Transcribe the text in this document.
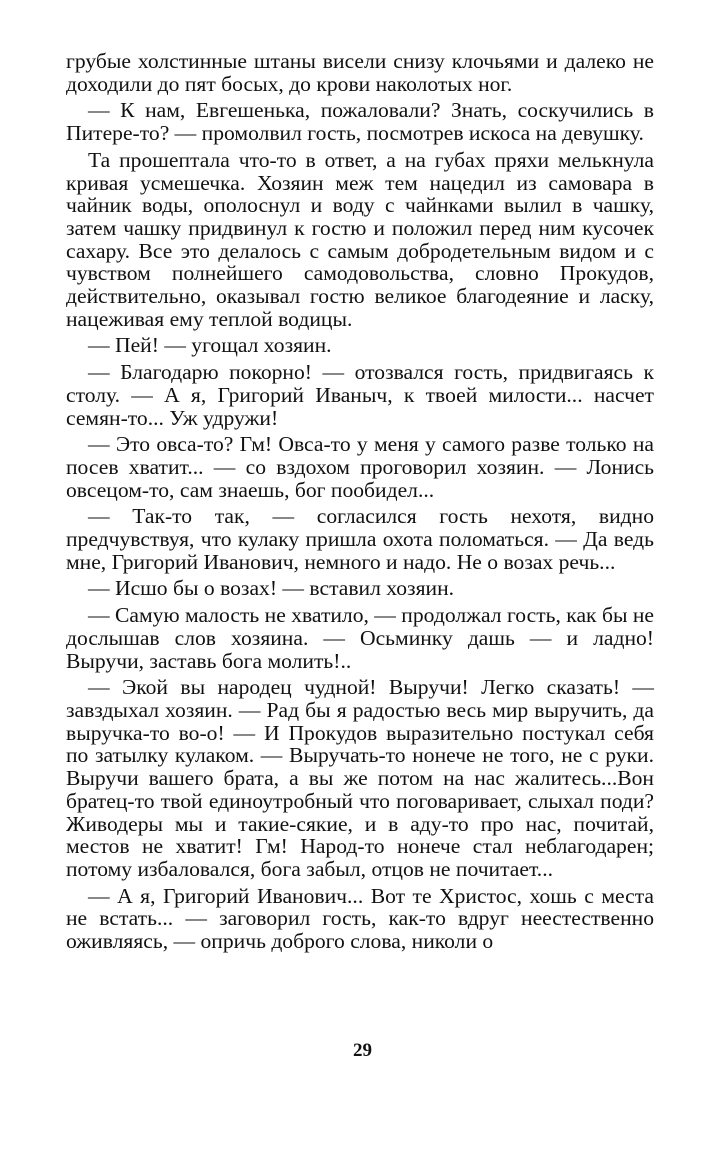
грубые холстинные штаны висели снизу клочьями и далеко не доходили до пят босых, до крови наколотых ног.

— К нам, Евгешенька, пожаловали? Знать, соскучились в Питере-то? — промолвил гость, посмотрев искоса на девушку.

Та прошептала что-то в ответ, а на губах пряхи мелькнула кривая усмешечка. Хозяин меж тем нацедил из самовара в чайник воды, ополоснул и воду с чайнками вылил в чашку, затем чашку придвинул к гостю и положил перед ним кусочек сахару. Все это делалось с самым добродетельным видом и с чувством полнейшего самодовольства, словно Прокудов, действительно, оказывал гостю великое благодеяние и ласку, нацеживая ему теплой водицы.

— Пей! — угощал хозяин.

— Благодарю покорно! — отозвался гость, придвигаясь к столу. — А я, Григорий Иваныч, к твоей милости... насчет семян-то... Уж удружи!

— Это овса-то? Гм! Овса-то у меня у самого разве только на посев хватит... — со вздохом проговорил хозяин. — Лонись овсецом-то, сам знаешь, бог пообидел...

— Так-то так, — согласился гость нехотя, видно предчувствуя, что кулаку пришла охота поломаться. — Да ведь мне, Григорий Иванович, немного и надо. Не о возах речь...

— Исшо бы о возах! — вставил хозяин.

— Самую малость не хватило, — продолжал гость, как бы не дослышав слов хозяина. — Осьминку дашь — и ладно! Выручи, заставь бога молить!..

— Экой вы народец чудной! Выручи! Легко сказать! — завздыхал хозяин. — Рад бы я радостью весь мир выручить, да выручка-то во-о! — И Прокудов выразительно постукал себя по затылку кулаком. — Выручать-то нонече не того, не с руки. Выручи вашего брата, а вы же потом на нас жалитесь...Вон братец-то твой единоутробный что поговаривает, слыхал поди? Живодеры мы и такие-сякие, и в аду-то про нас, почитай, местов не хватит! Гм! Народ-то нонече стал неблагодарен; потому избаловался, бога забыл, отцов не почитает...

— А я, Григорий Иванович... Вот те Христос, хошь с места не встать... — заговорил гость, как-то вдруг неестественно оживляясь, — опричь доброго слова, николи о

29
